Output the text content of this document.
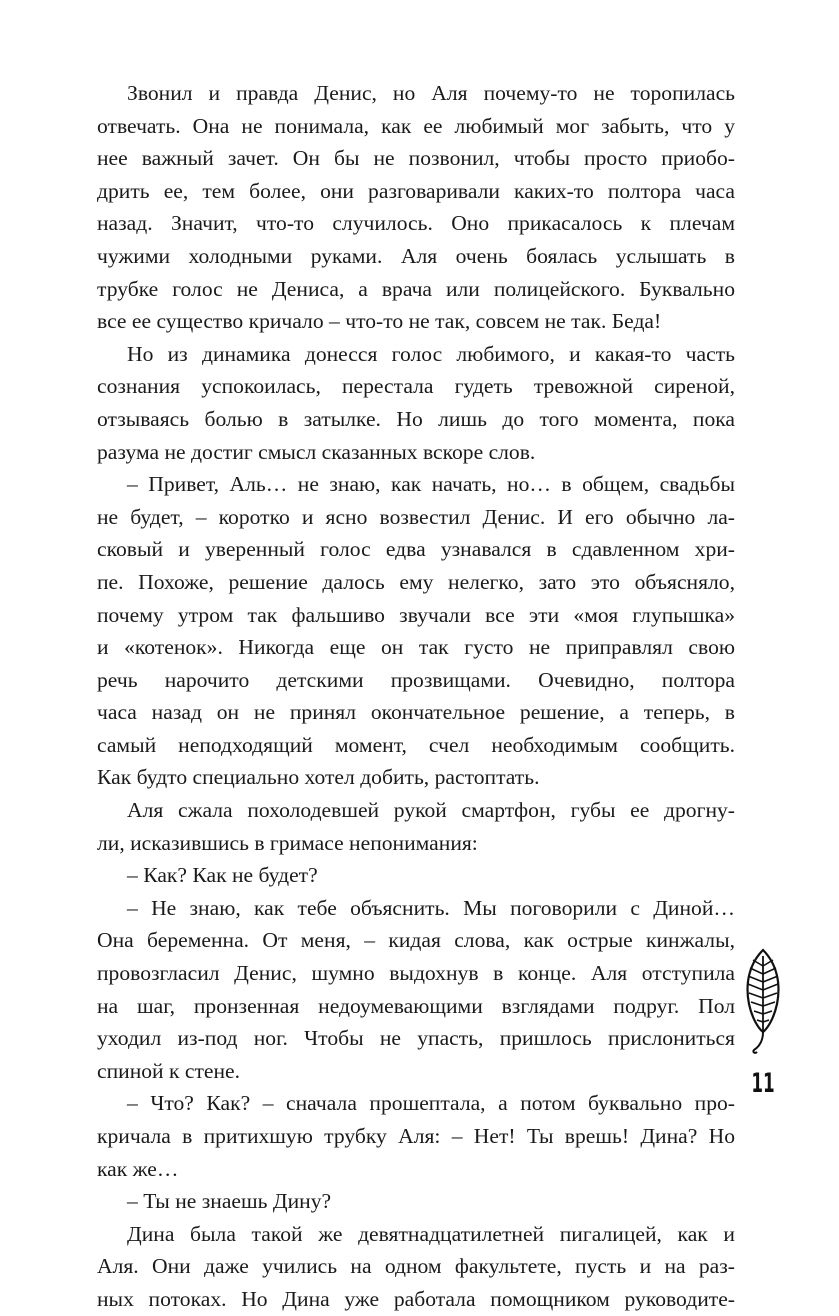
Звонил и правда Денис, но Аля почему-то не торопилась
отвечать. Она не понимала, как ее любимый мог забыть, что у
нее важный зачет. Он бы не позвонил, чтобы просто приобо-
дрить ее, тем более, они разговаривали каких-то полтора часа
назад. Значит, что-то случилось. Оно прикасалось к плечам
чужими холодными руками. Аля очень боялась услышать в
трубке голос не Дениса, а врача или полицейского. Буквально
все ее существо кричало – что-то не так, совсем не так. Беда!
Но из динамика донесся голос любимого, и какая-то часть
сознания успокоилась, перестала гудеть тревожной сиреной,
отзываясь болью в затылке. Но лишь до того момента, пока
разума не достиг смысл сказанных вскоре слов.
– Привет, Аль… не знаю, как начать, но… в общем, свадьбы
не будет, – коротко и ясно возвестил Денис. И его обычно ла-
сковый и уверенный голос едва узнавался в сдавленном хри-
пе. Похоже, решение далось ему нелегко, зато это объясняло,
почему утром так фальшиво звучали все эти «моя глупышка»
и «котенок». Никогда еще он так густо не приправлял свою
речь нарочито детскими прозвищами. Очевидно, полтора
часа назад он не принял окончательное решение, а теперь, в
самый неподходящий момент, счел необходимым сообщить.
Как будто специально хотел добить, растоптать.
Аля сжала похолодевшей рукой смартфон, губы ее дрогну-
ли, исказившись в гримасе непонимания:
– Как? Как не будет?
– Не знаю, как тебе объяснить. Мы поговорили с Диной…
Она беременна. От меня, – кидая слова, как острые кинжалы,
провозгласил Денис, шумно выдохнув в конце. Аля отступила
на шаг, пронзенная недоумевающими взглядами подруг. Пол
уходил из-под ног. Чтобы не упасть, пришлось прислониться
спиной к стене.
– Что? Как? – сначала прошептала, а потом буквально про-
кричала в притихшую трубку Аля: – Нет! Ты врешь! Дина? Но
как же…
– Ты не знаешь Дину?
Дина была такой же девятнадцатилетней пигалицей, как и
Аля. Они даже учились на одном факультете, пусть и на раз-
ных потоках. Но Дина уже работала помощником руководите-
11
